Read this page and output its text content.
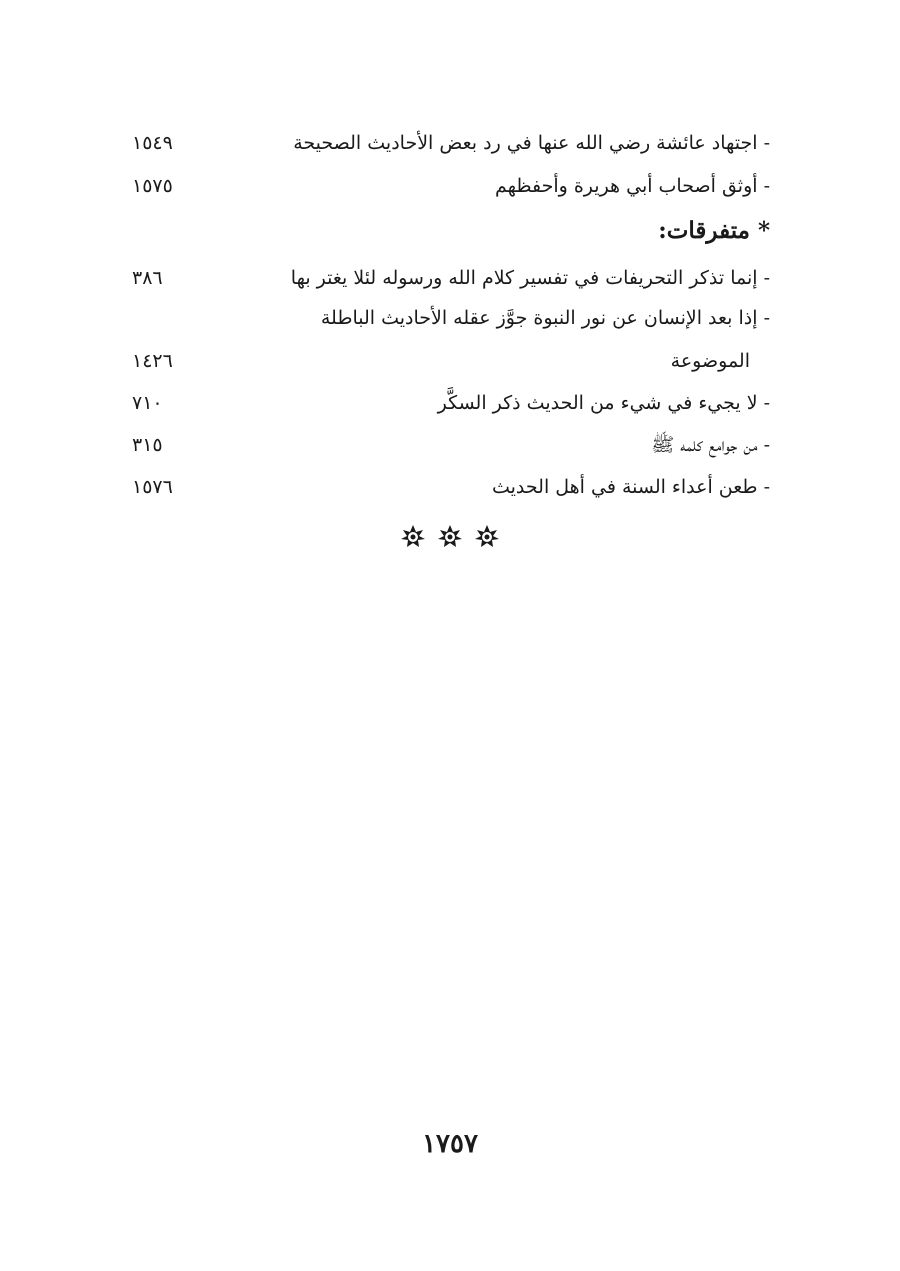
- اجتهاد عائشة رضي الله عنها في رد بعض الأحاديث الصحيحة
١٥٤٩
- أوثق أصحاب أبي هريرة وأحفظهم
١٥٧٥
* متفرقات:
- إنما تذكر التحريفات في تفسير كلام الله ورسوله لئلا يغتر بها
٣٨٦
- إذا بعد الإنسان عن نور النبوة جوَّز عقله الأحاديث الباطلة
الموضوعة
١٤٢٦
- لا يجيء في شيء من الحديث ذكر السكَّر
٧١٠
- من جوامع كلمه ﷺ
٣١٥
- طعن أعداء السنة في أهل الحديث
١٥٧٦
١٧٥٧
